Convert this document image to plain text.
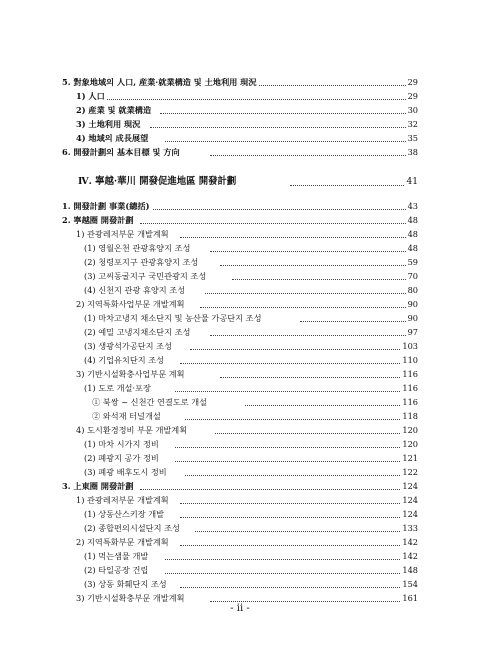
5. 對象地域의 人口, 産業·就業構造 및 土地利用 現況	29
1) 人口	29
2) 産業 및 就業構造	30
3) 土地利用 現況	32
4) 地域의 成長展望	35
6. 開發計劃의 基本目標 및 方向	38
Ⅳ. 寧越·華川 開發促進地區 開發計劃	41
1. 開發計劃 事業(總括)	43
2. 寧越圈 開發計劃	48
1) 관광레저부문 개발계획	48
(1) 영월온천 관광휴양지 조성	48
(2) 청령포지구 관광휴양지 조성	59
(3) 고씨동굴지구 국민관광지 조성	70
(4) 신천지 관광 휴양지 조성	80
2) 지역특화사업부문 개발계획	90
(1) 마차고냉지 채소단지 및 농산물 가공단지 조성	90
(2) 예밀 고냉지채소단지 조성	97
(3) 생광석가공단지 조성	103
(4) 기업유치단지 조성	110
3) 기반시설확충사업부문 계획	116
(1) 도로 개설·포장	116
① 북쌍 ~ 신천간 연결도로 개설	116
② 와석재 터널개설	118
4) 도시환경정비 부문 개발계획	120
(1) 마차 시가지 정비	120
(2) 폐광지 공가 정비	121
(3) 폐광 배후도시 정비	122
3. 上東圈 開發計劃	124
1) 관광레저부문 개발계획	124
(1) 상동산스키장 개발	124
(2) 종합편의시설단지 조성	133
2) 지역특화부문 개발계획	142
(1) 먹는샘물 개발	142
(2) 타일공장 건립	148
(3) 상동 화훼단지 조성	154
3) 기반시설확충부문 개발계획	161
- ii -
